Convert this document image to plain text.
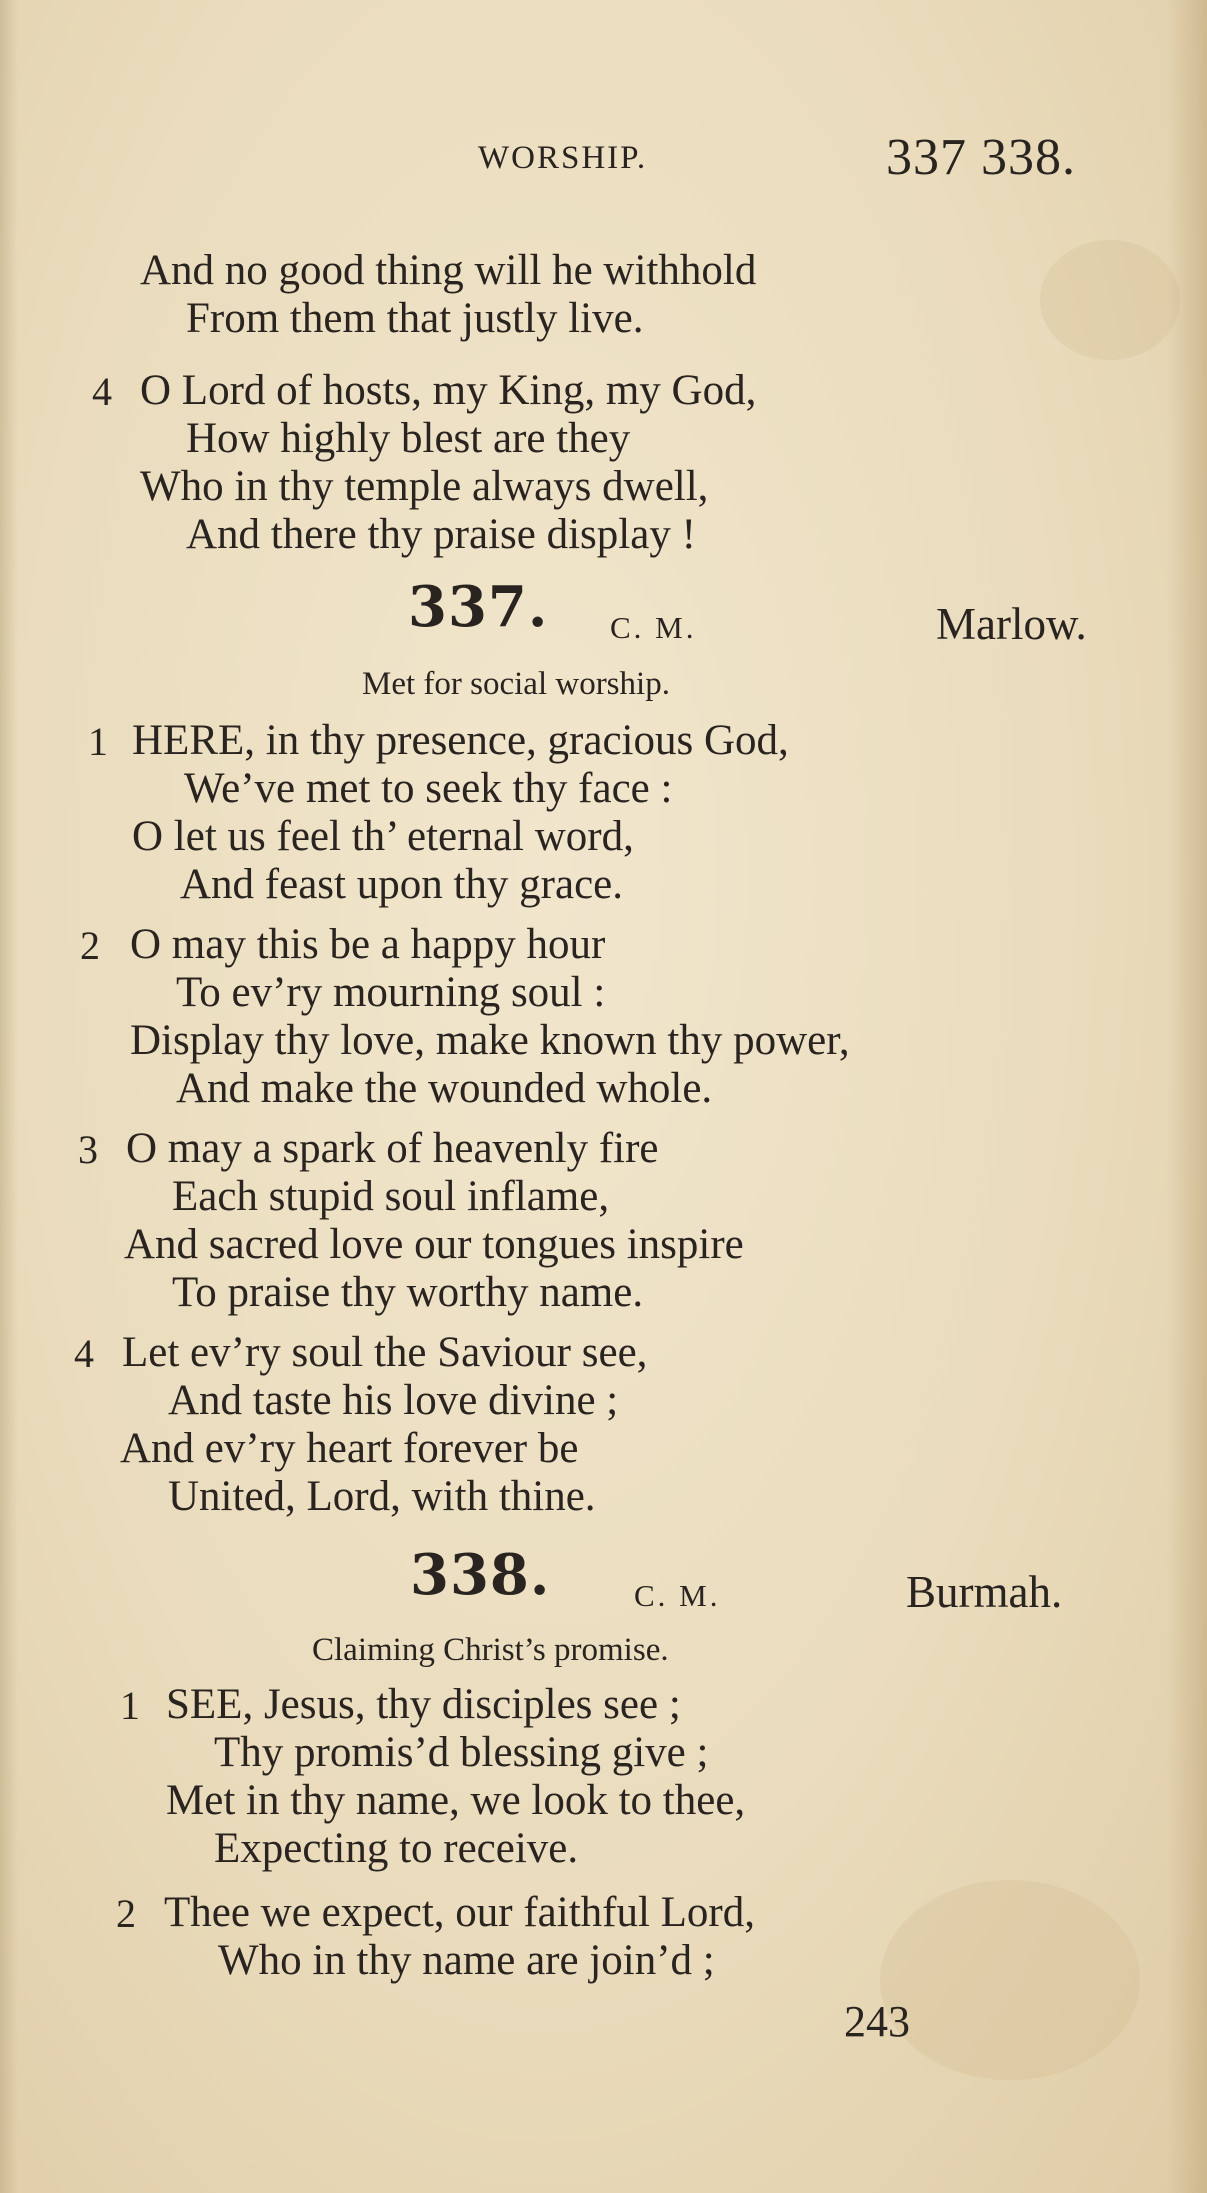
WORSHIP.	337 338.
And no good thing will he withhold
From them that justly live.
4 O Lord of hosts, my King, my God,
How highly blest are they
Who in thy temple always dwell,
And there thy praise display !
337. C. M.	Marlow.
Met for social worship.
1 HERE, in thy presence, gracious God,
We’ve met to seek thy face :
O let us feel th’ eternal word,
And feast upon thy grace.
2 O may this be a happy hour
To ev’ry mourning soul :
Display thy love, make known thy power,
And make the wounded whole.
3 O may a spark of heavenly fire
Each stupid soul inflame,
And sacred love our tongues inspire
To praise thy worthy name.
4 Let ev’ry soul the Saviour see,
And taste his love divine ;
And ev’ry heart forever be
United, Lord, with thine.
338.	C. M.	Burmah.
Claiming Christ’s promise.
1 SEE, Jesus, thy disciples see ;
Thy promis’d blessing give ;
Met in thy name, we look to thee,
Expecting to receive.
2 Thee we expect, our faithful Lord,
Who in thy name are join’d ;
243
